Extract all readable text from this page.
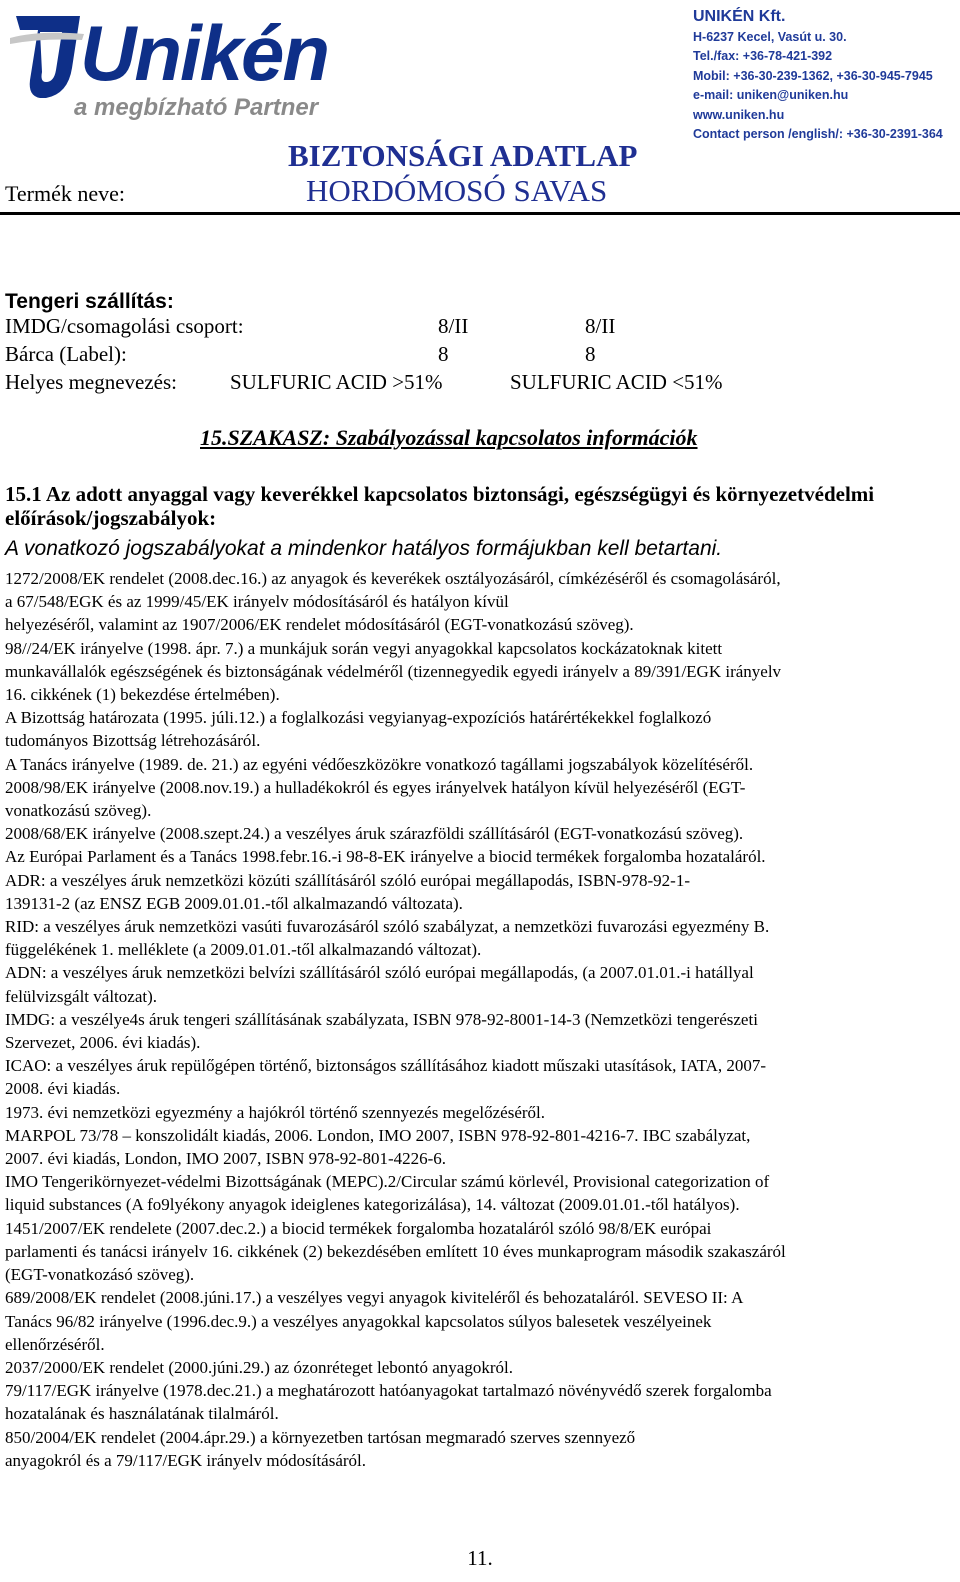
Unikén
a megbízható Partner
UNIKÉN Kft.
H-6237 Kecel, Vasút u. 30.
Tel./fax: +36-78-421-392
Mobil: +36-30-239-1362, +36-30-945-7945
e-mail: uniken@uniken.hu
www.uniken.hu
Contact person /english/: +36-30-2391-364
BIZTONSÁGI ADATLAP
Termék neve:	HORDÓMOSÓ SAVAS
Tengeri szállítás:
IMDG/csomagolási csoport:	8/II	8/II
Bárca (Label):	8	8
Helyes megnevezés:	SULFURIC ACID >51%	SULFURIC ACID <51%
15.SZAKASZ: Szabályozással kapcsolatos információk
15.1 Az adott anyaggal vagy keverékkel kapcsolatos biztonsági, egészségügyi és környezetvédelmi előírások/jogszabályok:
A vonatkozó jogszabályokat a mindenkor hatályos formájukban kell betartani.
1272/2008/EK rendelet (2008.dec.16.) az anyagok és keverékek osztályozásáról, címkézéséről és csomagolásáról,
a 67/548/EGK és az 1999/45/EK irányelv módosításáról és hatályon kívül
helyezéséről, valamint az 1907/2006/EK rendelet módosításáról (EGT-vonatkozású szöveg).
98//24/EK irányelve (1998. ápr. 7.) a munkájuk során vegyi anyagokkal kapcsolatos kockázatoknak kitett
munkavállalók egészségének és biztonságának védelméről (tizennegyedik egyedi irányelv a 89/391/EGK irányelv
16. cikkének (1) bekezdése értelmében).
A Bizottság határozata (1995. júli.12.) a foglalkozási vegyianyag-expozíciós határértékekkel foglalkozó
tudományos Bizottság létrehozásáról.
A Tanács irányelve (1989. de. 21.) az egyéni védőeszközökre vonatkozó tagállami jogszabályok közelítéséről.
2008/98/EK irányelve (2008.nov.19.) a hulladékokról és egyes irányelvek hatályon kívül helyezéséről (EGT-
vonatkozású szöveg).
2008/68/EK irányelve (2008.szept.24.) a veszélyes áruk szárazföldi szállításáról (EGT-vonatkozású szöveg).
Az Európai Parlament és a Tanács 1998.febr.16.-i 98-8-EK irányelve a biocid termékek forgalomba hozataláról.
ADR: a veszélyes áruk nemzetközi közúti szállításáról szóló európai megállapodás, ISBN-978-92-1-
139131-2 (az ENSZ EGB 2009.01.01.-től alkalmazandó változata).
RID: a veszélyes áruk nemzetközi vasúti fuvarozásáról szóló szabályzat, a nemzetközi fuvarozási egyezmény B.
függelékének 1. melléklete (a 2009.01.01.-től alkalmazandó változat).
ADN: a veszélyes áruk nemzetközi belvízi szállításáról szóló európai megállapodás, (a 2007.01.01.-i hatállyal
felülvizsgált változat).
IMDG: a veszélye4s áruk tengeri szállításának szabályzata, ISBN 978-92-8001-14-3 (Nemzetközi tengerészeti
Szervezet, 2006. évi kiadás).
ICAO: a veszélyes áruk repülőgépen történő, biztonságos szállításához kiadott műszaki utasítások, IATA, 2007-
2008. évi kiadás.
1973. évi nemzetközi egyezmény a hajókról történő szennyezés megelőzéséről.
MARPOL 73/78 – konszolidált kiadás, 2006. London, IMO 2007, ISBN 978-92-801-4216-7. IBC szabályzat,
2007. évi kiadás, London, IMO 2007, ISBN 978-92-801-4226-6.
IMO Tengerikörnyezet-védelmi Bizottságának (MEPC).2/Circular számú körlevél, Provisional categorization of
liquid substances (A fo9lyékony anyagok ideiglenes kategorizálása), 14. változat (2009.01.01.-től hatályos).
1451/2007/EK rendelete (2007.dec.2.) a biocid termékek forgalomba hozataláról szóló 98/8/EK európai
parlamenti és tanácsi irányelv 16. cikkének (2) bekezdésében említett 10 éves munkaprogram második szakaszáról
(EGT-vonatkozásó szöveg).
689/2008/EK rendelet (2008.júni.17.) a veszélyes vegyi anyagok kiviteléről és behozataláról. SEVESO II: A
Tanács 96/82 irányelve (1996.dec.9.) a veszélyes anyagokkal kapcsolatos súlyos balesetek veszélyeinek
ellenőrzéséről.
2037/2000/EK rendelet (2000.júni.29.) az ózonréteget lebontó anyagokról.
79/117/EGK irányelve (1978.dec.21.) a meghatározott hatóanyagokat tartalmazó növényvédő szerek forgalomba
hozatalának és használatának tilalmáról.
850/2004/EK rendelet (2004.ápr.29.) a környezetben tartósan megmaradó szerves szennyező
anyagokról és a 79/117/EGK irányelv módosításáról.
11.
